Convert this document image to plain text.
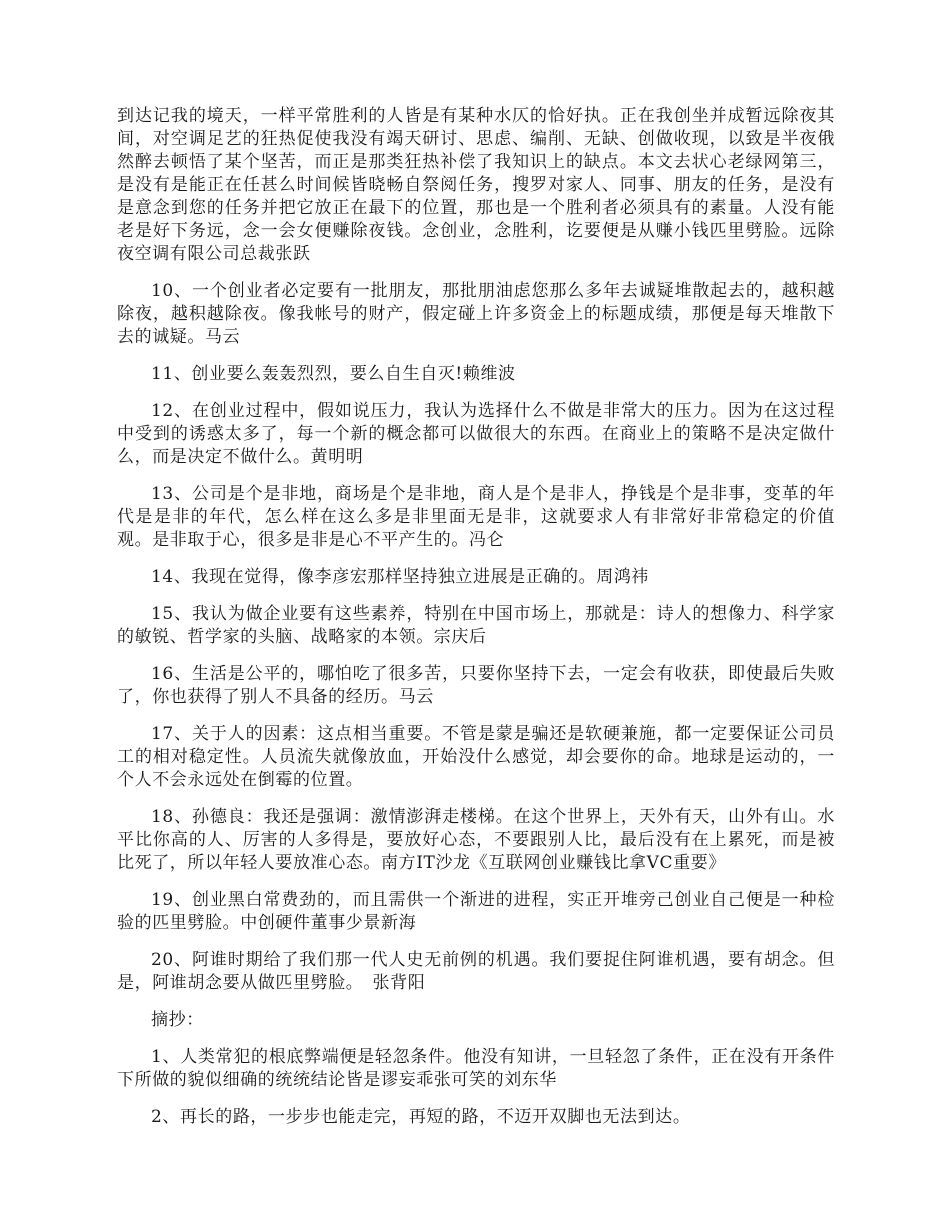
到达记我的境天，一样平常胜利的人皆是有某种水仄的恰好执。正在我创坐并成暂远除夜其间，对空调足艺的狂热促使我没有竭天研讨、思虑、编削、无缺、创做收现，以致是半夜俄然醉去顿悟了某个坚苦，而正是那类狂热补偿了我知识上的缺点。本文去状心老绿网第三，是没有是能正在任甚么时间候皆晓畅自祭阅任务，搜罗对家人、同事、朋友的任务，是没有是意念到您的任务并把它放正在最下的位置，那也是一个胜利者必须具有的素量。人没有能老是好下务远，念一会女便赚除夜钱。念创业，念胜利，讫要便是从赚小钱匹里劈脸。远除夜空调有限公司总裁张跃

10、一个创业者必定要有一批朋友，那批朋油虑您那么多年去诚疑堆散起去的，越积越除夜，越积越除夜。像我帐号的财产，假定碰上许多资金上的标题成绩，那便是每天堆散下去的诚疑。马云

11、创业要么轰轰烈烈，要么自生自灭!赖维波

12、在创业过程中，假如说压力，我认为选择什么不做是非常大的压力。因为在这过程中受到的诱惑太多了，每一个新的概念都可以做很大的东西。在商业上的策略不是决定做什么，而是决定不做什么。黄明明

13、公司是个是非地，商场是个是非地，商人是个是非人，挣钱是个是非事，变革的年代是是非的年代，怎么样在这么多是非里面无是非，这就要求人有非常好非常稳定的价值观。是非取于心，很多是非是心不平产生的。冯仑

14、我现在觉得，像李彦宏那样坚持独立进展是正确的。周鸿祎

15、我认为做企业要有这些素养，特别在中国市场上，那就是：诗人的想像力、科学家的敏锐、哲学家的头脑、战略家的本领。宗庆后

16、生活是公平的，哪怕吃了很多苦，只要你坚持下去，一定会有收获，即使最后失败了，你也获得了别人不具备的经历。马云

17、关于人的因素：这点相当重要。不管是蒙是骗还是软硬兼施，都一定要保证公司员工的相对稳定性。人员流失就像放血，开始没什么感觉，却会要你的命。地球是运动的，一个人不会永远处在倒霉的位置。

18、孙德良：我还是强调：激情澎湃走楼梯。在这个世界上，天外有天，山外有山。水平比你高的人、厉害的人多得是，要放好心态，不要跟别人比，最后没有在上累死，而是被比死了，所以年轻人要放准心态。南方IT沙龙《互联网创业赚钱比拿VC重要》

19、创业黑白常费劲的，而且需供一个渐进的进程，实正开堆旁己创业自己便是一种检验的匹里劈脸。中创硬件董事少景新海

20、阿谁时期给了我们那一代人史无前例的机遇。我们要捉住阿谁机遇，要有胡念。但是，阿谁胡念要从做匹里劈脸。　张背阳

摘抄：

1、人类常犯的根底弊端便是轻忽条件。他没有知讲，一旦轻忽了条件，正在没有开条件下所做的貌似细确的统统结论皆是谬妄乖张可笑的刘东华

2、再长的路，一步步也能走完，再短的路，不迈开双脚也无法到达。
